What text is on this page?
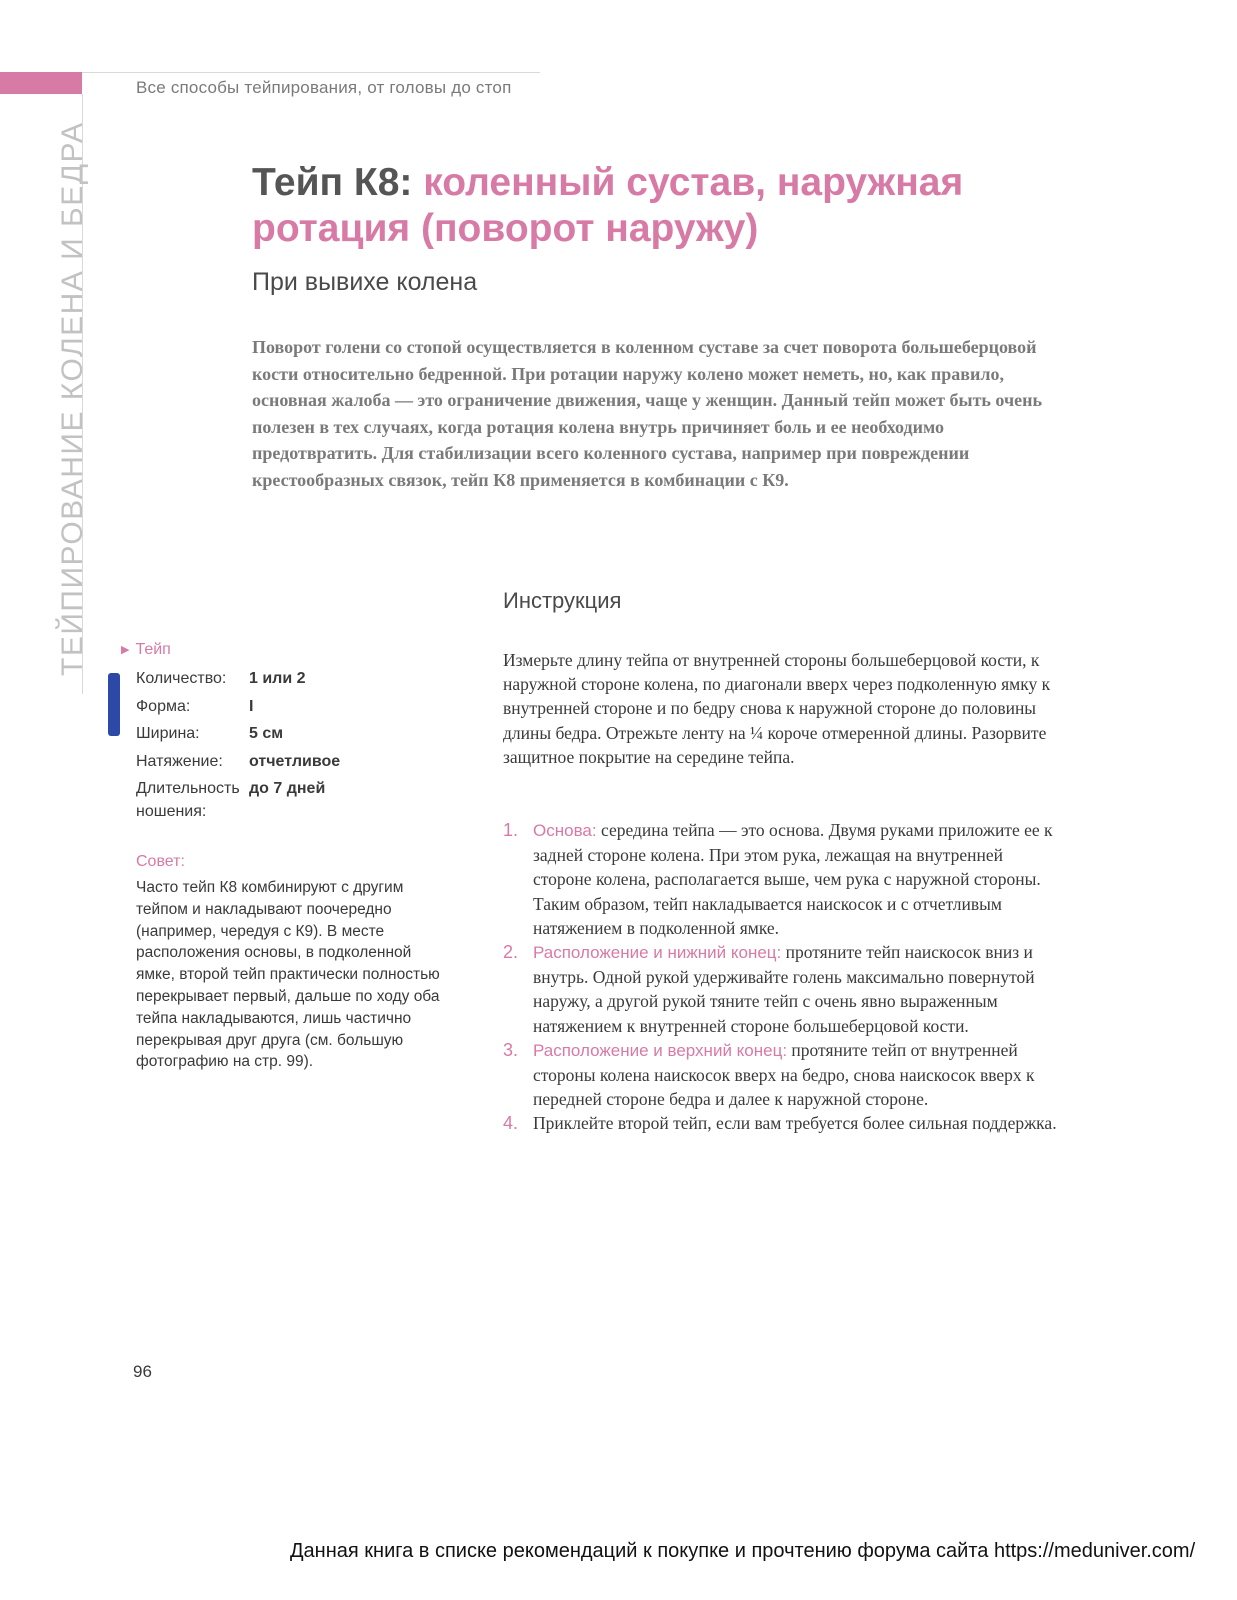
Все способы тейпирования, от головы до стоп
ТЕЙПИРОВАНИЕ КОЛЕНА И БЕДРА	Тейп К8: коленный сустав, наружная ротация (поворот наружу)
При вывихе колена
Поворот голени со стопой осуществляется в коленном суставе за счет поворота большеберцовой кости относительно бедренной. При ротации наружу колено может неметь, но, как правило, основная жалоба — это ограничение движения, чаще у женщин. Данный тейп может быть очень полезен в тех случаях, когда ротация колена внутрь причиняет боль и ее необходимо предотвратить. Для стабилизации всего коленного сустава, например при повреждении крестообразных связок, тейп К8 применяется в комбинации с К9.
▶ Тейп
Количество:	1 или 2
Форма:	I
Ширина:	5 см
Натяжение:	отчетливое
Длительность ношения:
до 7 дней
Совет:
Часто тейп К8 комбинируют с другим тейпом и накладывают поочередно (например, чередуя с К9). В месте расположения основы, в подколенной ямке, второй тейп практически полностью перекрывает первый, дальше по ходу оба тейпа накладываются, лишь частично перекрывая друг друга (см. большую фотографию на стр. 99).
Инструкция
Измерьте длину тейпа от внутренней стороны большеберцовой кости, к наружной стороне колена, по диагонали вверх через подколенную ямку к внутренней стороне и по бедру снова к наружной стороне до половины длины бедра. Отрежьте ленту на ¼ короче отмеренной длины. Разорвите защитное покрытие на середине тейпа.
1. Основа: середина тейпа — это основа. Двумя руками приложите ее к задней стороне колена. При этом рука, лежащая на внутренней стороне колена, располагается выше, чем рука с наружной стороны. Таким образом, тейп накладывается наискосок и с отчетливым натяжением в подколенной ямке.
2. Расположение и нижний конец: протяните тейп наискосок вниз и внутрь. Одной рукой удерживайте голень максимально повернутой наружу, а другой рукой тяните тейп с очень явно выраженным натяжением к внутренней стороне большеберцовой кости.
3. Расположение и верхний конец: протяните тейп от внутренней стороны колена наискосок вверх на бедро, снова наискосок вверх к передней стороне бедра и далее к наружной стороне.
4. Приклейте второй тейп, если вам требуется более сильная поддержка.
96
Данная книга в списке рекомендаций к покупке и прочтению форума сайта https://meduniver.com/
